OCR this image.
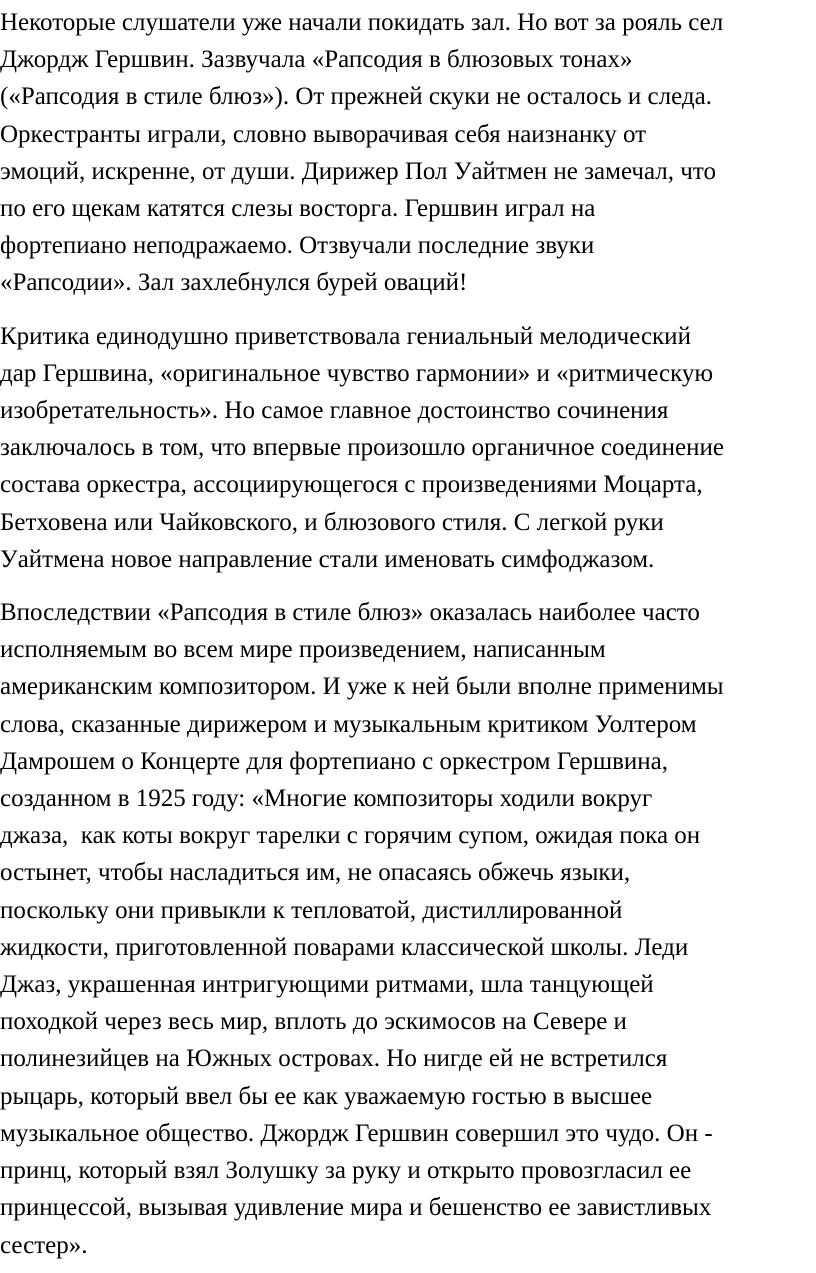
Некоторые слушатели уже начали покидать зал. Но вот за рояль сел
Джордж Гершвин. Зазвучала «Рапсодия в блюзовых тонах»
(«Рапсодия в стиле блюз»). От прежней скуки не осталось и следа.
Оркестранты играли, словно выворачивая себя наизнанку от
эмоций, искренне, от души. Дирижер Пол Уайтмен не замечал, что
по его щекам катятся слезы восторга. Гершвин играл на
фортепиано неподражаемо. Отзвучали последние звуки
«Рапсодии». Зал захлебнулся бурей оваций!
Критика единодушно приветствовала гениальный мелодический
дар Гершвина, «оригинальное чувство гармонии» и «ритмическую
изобретательность». Но самое главное достоинство сочинения
заключалось в том, что впервые произошло органичное соединение
состава оркестра, ассоциирующегося с произведениями Моцарта,
Бетховена или Чайковского, и блюзового стиля. С легкой руки
Уайтмена новое направление стали именовать симфоджазом.
Впоследствии «Рапсодия в стиле блюз» оказалась наиболее часто
исполняемым во всем мире произведением, написанным
американским композитором. И уже к ней были вполне применимы
слова, сказанные дирижером и музыкальным критиком Уолтером
Дамрошем о Концерте для фортепиано с оркестром Гершвина,
созданном в 1925 году: «Многие композиторы ходили вокруг
джаза,  как коты вокруг тарелки с горячим супом, ожидая пока он
остынет, чтобы насладиться им, не опасаясь обжечь языки,
поскольку они привыкли к тепловатой, дистиллированной
жидкости, приготовленной поварами классической школы. Леди
Джаз, украшенная интригующими ритмами, шла танцующей
походкой через весь мир, вплоть до эскимосов на Севере и
полинезийцев на Южных островах. Но нигде ей не встретился
рыцарь, который ввел бы ее как уважаемую гостью в высшее
музыкальное общество. Джордж Гершвин совершил это чудо. Он -
принц, который взял Золушку за руку и открыто провозгласил ее
принцессой, вызывая удивление мира и бешенство ее завистливых
сестер».
